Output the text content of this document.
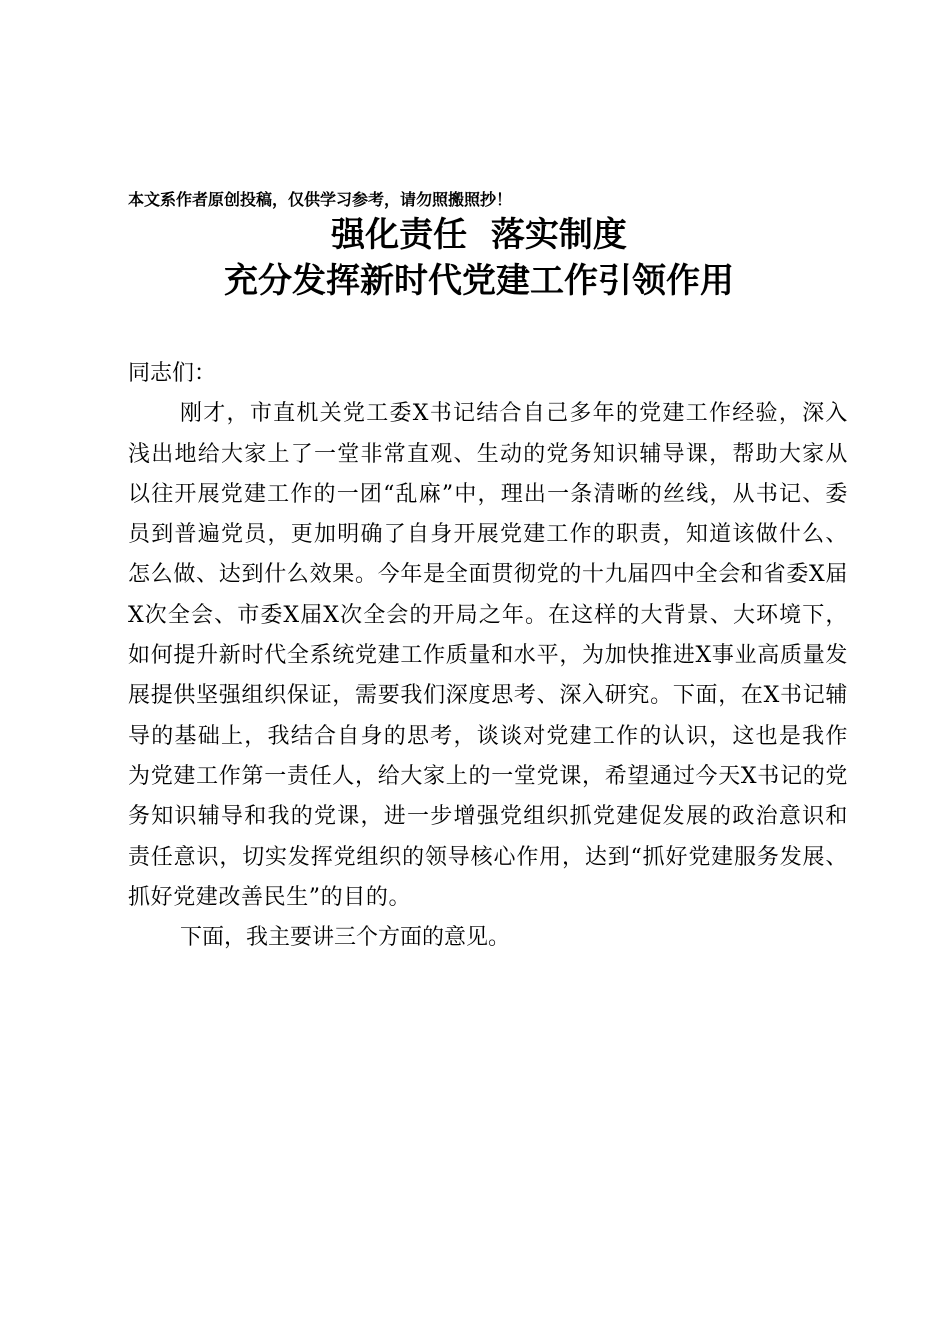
本文系作者原创投稿，仅供学习参考，请勿照搬照抄！
强化责任  落实制度
充分发挥新时代党建工作引领作用

同志们：

刚才，市直机关党工委X书记结合自己多年的党建工作经验，深入浅出地给大家上了一堂非常直观、生动的党务知识辅导课，帮助大家从以往开展党建工作的一团“乱麻”中，理出一条清晰的丝线，从书记、委员到普遍党员，更加明确了自身开展党建工作的职责，知道该做什么、怎么做、达到什么效果。今年是全面贯彻党的十九届四中全会和省委X届X次全会、市委X届X次全会的开局之年。在这样的大背景、大环境下，如何提升新时代全系统党建工作质量和水平，为加快推进X事业高质量发展提供坚强组织保证，需要我们深度思考、深入研究。下面，在X书记辅导的基础上，我结合自身的思考，谈谈对党建工作的认识，这也是我作为党建工作第一责任人，给大家上的一堂党课，希望通过今天X书记的党务知识辅导和我的党课，进一步增强党组织抓党建促发展的政治意识和责任意识，切实发挥党组织的领导核心作用，达到“抓好党建服务发展、抓好党建改善民生”的目的。

下面，我主要讲三个方面的意见。
